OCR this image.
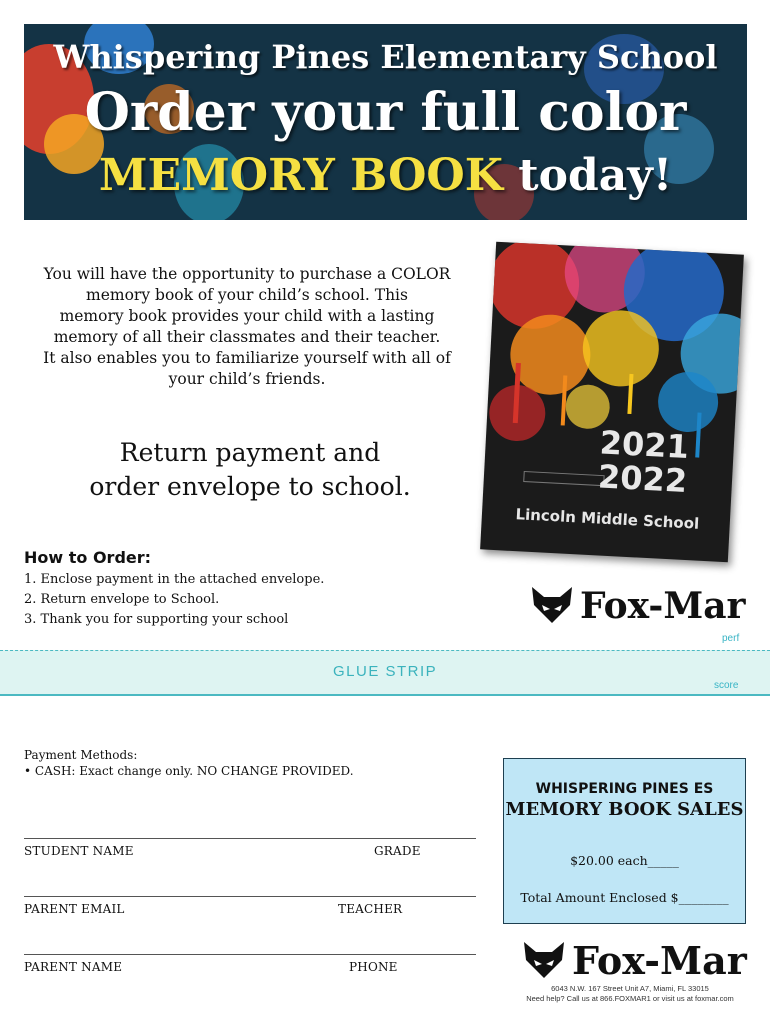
Whispering Pines Elementary School
Order your full color
MEMORY BOOK today!
You will have the opportunity to purchase a COLOR
memory book of your child’s school. This
memory book provides your child with a lasting
memory of all their classmates and their teacher.
It also enables you to familiarize yourself with all of
your child’s friends.
Return payment and
order envelope to school.
2021
2022
Lincoln Middle School
How to Order:
1. Enclose payment in the attached envelope.
2. Return envelope to School.
3. Thank you for supporting your school	Fox-Mar
perf
GLUE STRIP
score
Payment Methods:
• CASH: Exact change only. NO CHANGE PROVIDED.
STUDENT NAME	GRADE
PARENT EMAIL	TEACHER
PARENT NAME	PHONE
WHISPERING PINES ES
MEMORY BOOK SALES
$20.00 each_____
Total Amount Enclosed $________
Fox-Mar
6043 N.W. 167 Street Unit A7, Miami, FL 33015
Need help? Call us at 866.FOXMAR1 or visit us at foxmar.com
